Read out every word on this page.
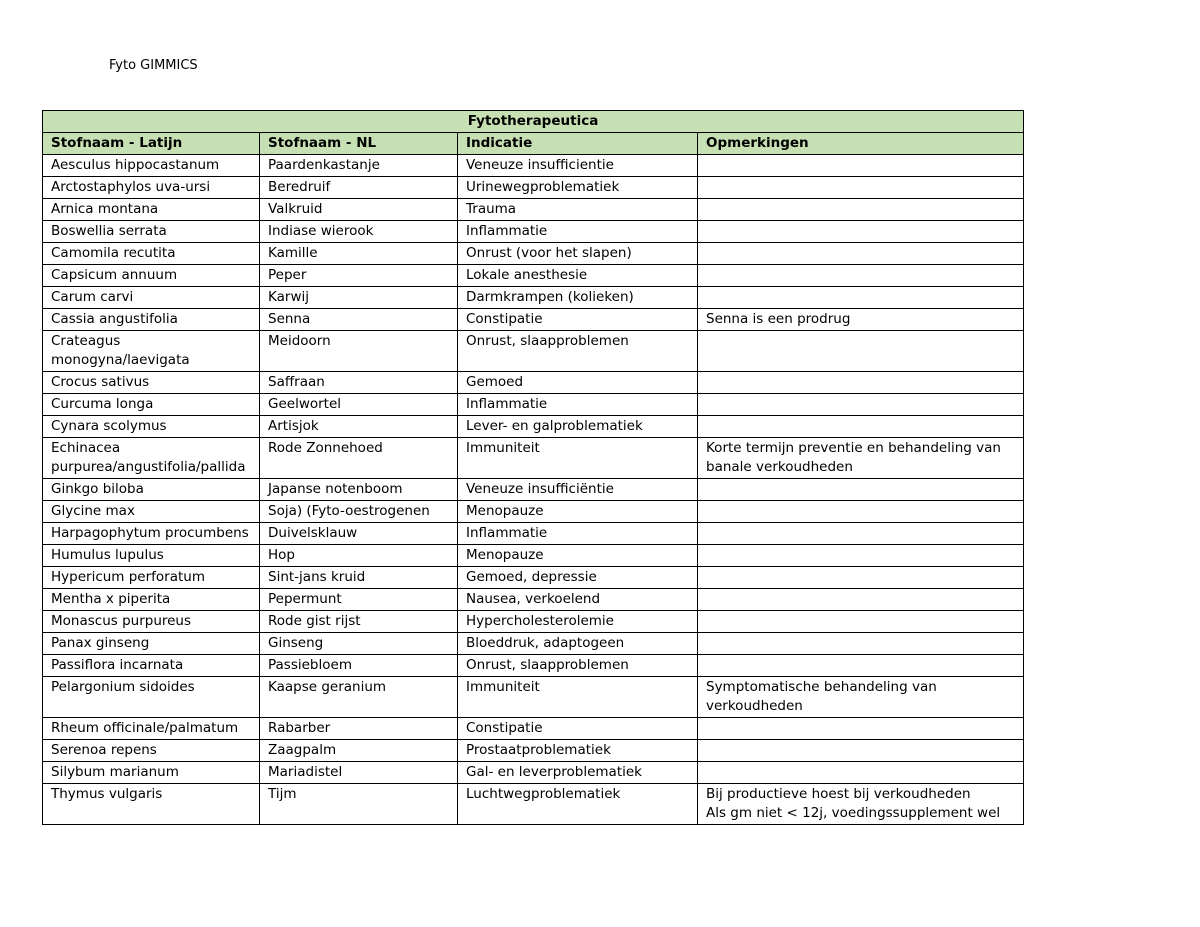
Fyto GIMMICS
Fytotherapeutica			
Stofnaam - Latijn	Stofnaam - NL	Indicatie	Opmerkingen
Aesculus hippocastanum	Paardenkastanje	Veneuze insufficientie	
Arctostaphylos uva-ursi	Beredruif	Urinewegproblematiek	
Arnica montana	Valkruid	Trauma	
Boswellia serrata	Indiase wierook	Inflammatie	
Camomila recutita	Kamille	Onrust (voor het slapen)	
Capsicum annuum	Peper	Lokale anesthesie	
Carum carvi	Karwij	Darmkrampen (kolieken)	
Cassia angustifolia	Senna	Constipatie	Senna is een prodrug
Crateagus monogyna/laevigata	Meidoorn	Onrust, slaapproblemen	
Crocus sativus	Saffraan	Gemoed	
Curcuma longa	Geelwortel	Inflammatie	
Cynara scolymus	Artisjok	Lever- en galproblematiek	
Echinacea purpurea/angustifolia/pallida	Rode Zonnehoed	Immuniteit	Korte termijn preventie en behandeling van banale verkoudheden
Ginkgo biloba	Japanse notenboom	Veneuze insufficiëntie	
Glycine max	Soja) (Fyto-oestrogenen	Menopauze	
Harpagophytum procumbens	Duivelsklauw	Inflammatie	
Humulus lupulus	Hop	Menopauze	
Hypericum perforatum	Sint-jans kruid	Gemoed, depressie	
Mentha x piperita	Pepermunt	Nausea, verkoelend	
Monascus purpureus	Rode gist rijst	Hypercholesterolemie	
Panax ginseng	Ginseng	Bloeddruk, adaptogeen	
Passiflora incarnata	Passiebloem	Onrust, slaapproblemen	
Pelargonium sidoides	Kaapse geranium	Immuniteit	Symptomatische behandeling van verkoudheden
Rheum officinale/palmatum	Rabarber	Constipatie	
Serenoa repens	Zaagpalm	Prostaatproblematiek	
Silybum marianum	Mariadistel	Gal- en leverproblematiek	
Thymus vulgaris	Tijm	Luchtwegproblematiek	Bij productieve hoest bij verkoudheden
Als gm niet < 12j, voedingssupplement wel
